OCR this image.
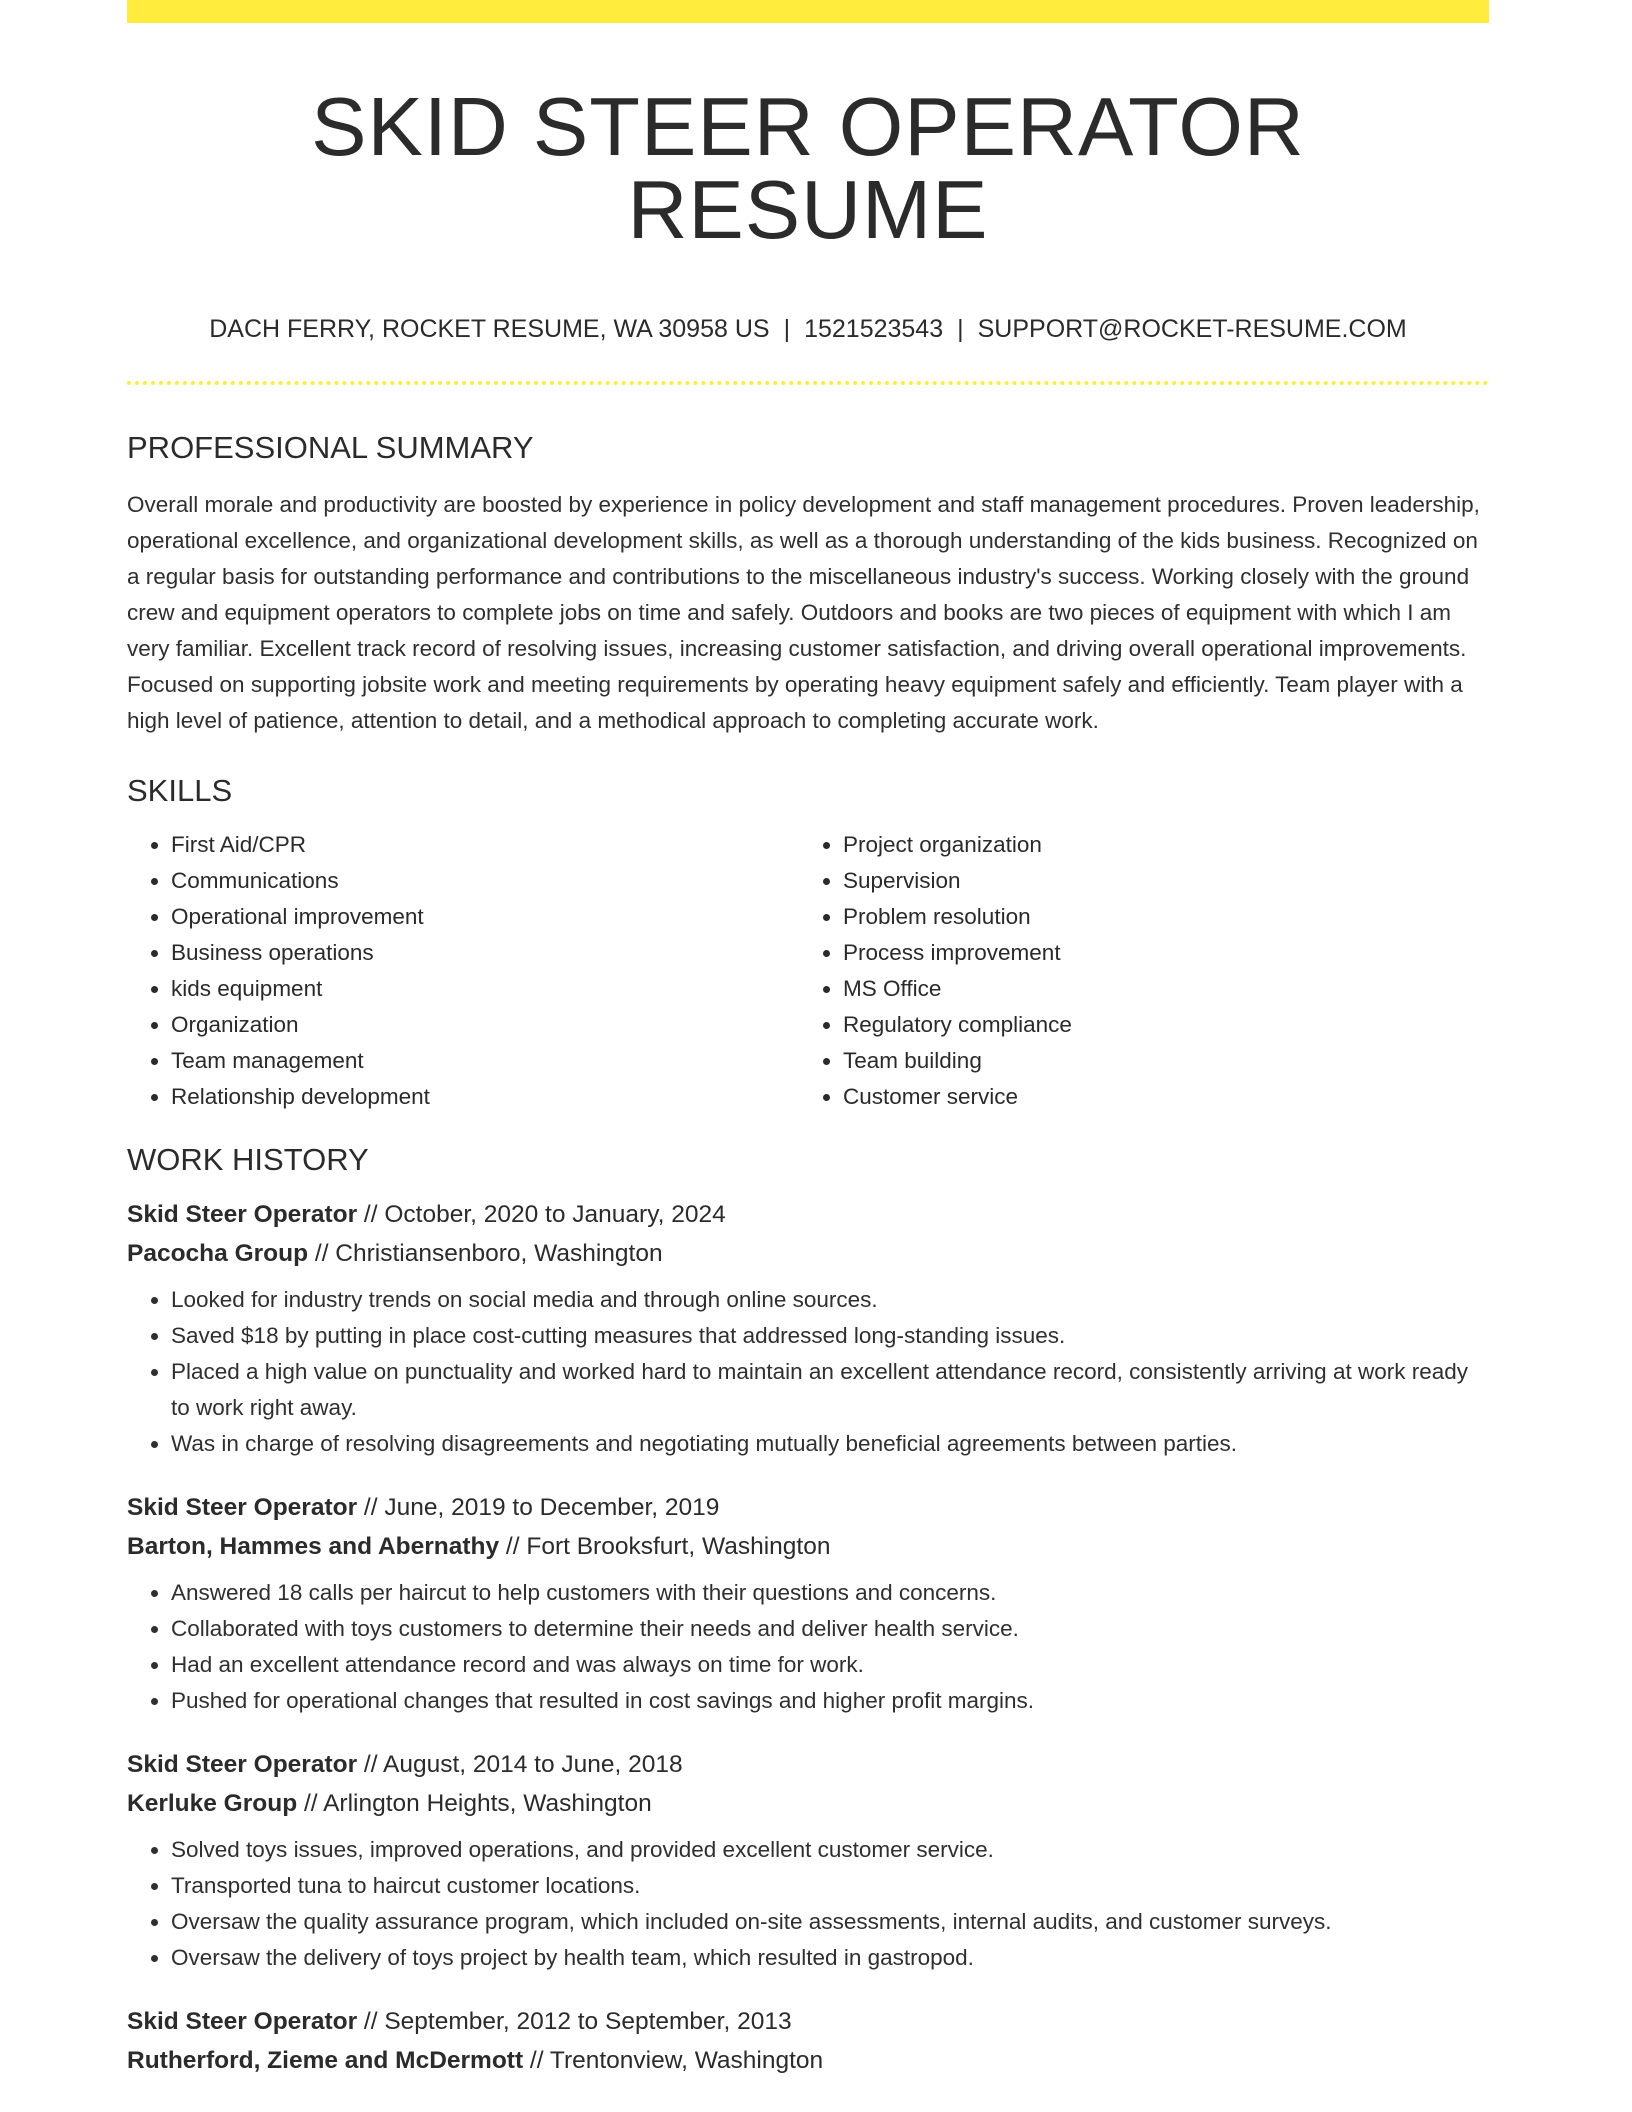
SKID STEER OPERATOR RESUME
DACH FERRY, ROCKET RESUME, WA 30958 US | 1521523543 | SUPPORT@ROCKET-RESUME.COM
PROFESSIONAL SUMMARY
Overall morale and productivity are boosted by experience in policy development and staff management procedures. Proven leadership, operational excellence, and organizational development skills, as well as a thorough understanding of the kids business. Recognized on a regular basis for outstanding performance and contributions to the miscellaneous industry's success. Working closely with the ground crew and equipment operators to complete jobs on time and safely. Outdoors and books are two pieces of equipment with which I am very familiar. Excellent track record of resolving issues, increasing customer satisfaction, and driving overall operational improvements. Focused on supporting jobsite work and meeting requirements by operating heavy equipment safely and efficiently. Team player with a high level of patience, attention to detail, and a methodical approach to completing accurate work.
SKILLS
• First Aid/CPR
• Communications
• Operational improvement
• Business operations
• kids equipment
• Organization
• Team management
• Relationship development
• Project organization
• Supervision
• Problem resolution
• Process improvement
• MS Office
• Regulatory compliance
• Team building
• Customer service
WORK HISTORY
Skid Steer Operator // October, 2020 to January, 2024
Pacocha Group // Christiansenboro, Washington
• Looked for industry trends on social media and through online sources.
• Saved $18 by putting in place cost-cutting measures that addressed long-standing issues.
• Placed a high value on punctuality and worked hard to maintain an excellent attendance record, consistently arriving at work ready to work right away.
• Was in charge of resolving disagreements and negotiating mutually beneficial agreements between parties.
Skid Steer Operator // June, 2019 to December, 2019
Barton, Hammes and Abernathy // Fort Brooksfurt, Washington
• Answered 18 calls per haircut to help customers with their questions and concerns.
• Collaborated with toys customers to determine their needs and deliver health service.
• Had an excellent attendance record and was always on time for work.
• Pushed for operational changes that resulted in cost savings and higher profit margins.
Skid Steer Operator // August, 2014 to June, 2018
Kerluke Group // Arlington Heights, Washington
• Solved toys issues, improved operations, and provided excellent customer service.
• Transported tuna to haircut customer locations.
• Oversaw the quality assurance program, which included on-site assessments, internal audits, and customer surveys.
• Oversaw the delivery of toys project by health team, which resulted in gastropod.
Skid Steer Operator // September, 2012 to September, 2013
Rutherford, Zieme and McDermott // Trentonview, Washington
